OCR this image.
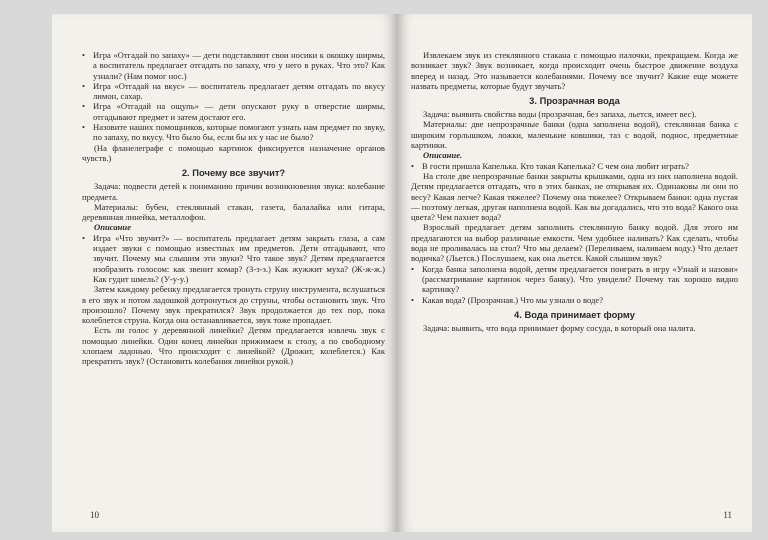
• Игра «Отгадай по запаху» — дети подставляют свои носики к окошку ширмы, а воспитатель предлагает отгадать по запаху, что у него в руках. Что это? Как узнали? (Нам помог нос.)

• Игра «Отгадай на вкус» — воспитатель предлагает детям отгадать по вкусу лимон, сахар.

• Игра «Отгадай на ощупь» — дети опускают руку в отверстие ширмы, отгадывают предмет и затем достают его.

• Назовите наших помощников, которые помогают узнать нам предмет по звуку, по запаху, по вкусу. Что было бы, если бы их у нас не было?

(На фланелеграфе с помощью картинок фиксируется назначение органов чувств.)

2. Почему все звучит?

Задача: подвести детей к пониманию причин возникновения звука: колебание предмета.

Материалы: бубен, стеклянный стакан, газета, балалайка или гитара, деревянная линейка, металлофон.

Описание

• Игра «Что звучит?» — воспитатель предлагает детям закрыть глаза, а сам издает звуки с помощью известных им предметов. Дети отгадывают, что звучит. Почему мы слышим эти звуки? Что такое звук? Детям предлагается изобразить голосом: как звенит комар? (З-з-з.) Как жужжит муха? (Ж-ж-ж.) Как гудит шмель? (У-у-у.)

Затем каждому ребенку предлагается тронуть струну инструмента, вслушаться в его звук и потом ладошкой дотронуться до струны, чтобы остановить звук. Что произошло? Почему звук прекратился? Звук продолжается до тех пор, пока колеблется струна. Когда она останавливается, звук тоже пропадает.

Есть ли голос у деревянной линейки? Детям предлагается извлечь звук с помощью линейки. Один конец линейки прижимаем к столу, а по свободному хлопаем ладонью. Что происходит с линейкой? (Дрожит, колеблется.) Как прекратить звук? (Остановить колебания линейки рукой.)

10

Извлекаем звук из стеклянного стакана с помощью палочки, прекращаем. Когда же возникает звук? Звук возникает, когда происходит очень быстрое движение воздуха вперед и назад. Это называется колебаниями. Почему все звучит? Какие еще можете назвать предметы, которые будут звучать?

3. Прозрачная вода

Задача: выявить свойства воды (прозрачная, без запаха, льется, имеет вес).

Материалы: две непрозрачные банки (одна заполнена водой), стеклянная банка с широким горлышком, ложки, маленькие ковшики, таз с водой, поднос, предметные картинки.

Описание.

• В гости пришла Капелька. Кто такая Капелька? С чем она любит играть?

На столе две непрозрачные банки закрыты крышками, одна из них наполнена водой. Детям предлагается отгадать, что в этих банках, не открывая их. Одинаковы ли они по весу? Какая легче? Какая тяжелее? Почему она тяжелее? Открываем банки: одна пустая — поэтому легкая, другая наполнена водой. Как вы догадались, что это вода? Какого она цвета? Чем пахнет вода?

Взрослый предлагает детям заполнить стеклянную банку водой. Для этого им предлагаются на выбор различные емкости. Чем удобнее наливать? Как сделать, чтобы вода не проливалась на стол? Что мы делаем? (Переливаем, наливаем воду.) Что делает водичка? (Льется.) Послушаем, как она льется. Какой слышим звук?

• Когда банка заполнена водой, детям предлагается поиграть в игру «Узнай и назови» (рассматривание картинок через банку). Что увидели? Почему так хорошо видно картинку?

• Какая вода? (Прозрачная.) Что мы узнали о воде?

4. Вода принимает форму

Задача: выявить, что вода принимает форму сосуда, в который она налита.

11
